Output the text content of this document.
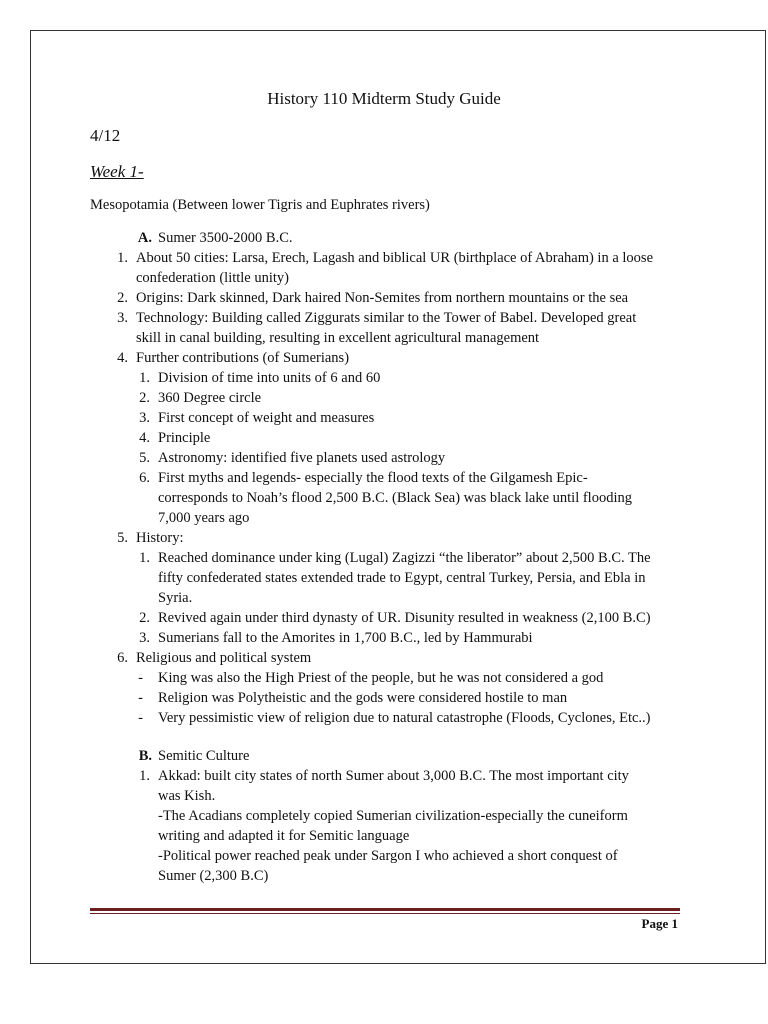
History 110 Midterm Study Guide
4/12
Week 1-
Mesopotamia (Between lower Tigris and Euphrates rivers)
A. Sumer 3500-2000 B.C.
1. About 50 cities: Larsa, Erech, Lagash and biblical UR (birthplace of Abraham) in a loose
confederation (little unity)
2. Origins: Dark skinned, Dark haired Non-Semites from northern mountains or the sea
3. Technology: Building called Ziggurats similar to the Tower of Babel. Developed great
skill in canal building, resulting in excellent agricultural management
4. Further contributions (of Sumerians)
1. Division of time into units of 6 and 60
2. 360 Degree circle
3. First concept of weight and measures
4. Principle
5. Astronomy: identified five planets used astrology
6. First myths and legends- especially the flood texts of the Gilgamesh Epic-
corresponds to Noah’s flood 2,500 B.C. (Black Sea) was black lake until flooding
7,000 years ago
5. History:
1. Reached dominance under king (Lugal) Zagizzi “the liberator” about 2,500 B.C. The
fifty confederated states extended trade to Egypt, central Turkey, Persia, and Ebla in
Syria.
2. Revived again under third dynasty of UR. Disunity resulted in weakness (2,100 B.C)
3. Sumerians fall to the Amorites in 1,700 B.C., led by Hammurabi
6. Religious and political system
- King was also the High Priest of the people, but he was not considered a god
- Religion was Polytheistic and the gods were considered hostile to man
- Very pessimistic view of religion due to natural catastrophe (Floods, Cyclones, Etc..)
B. Semitic Culture
1. Akkad: built city states of north Sumer about 3,000 B.C. The most important city
was Kish.
-The Acadians completely copied Sumerian civilization-especially the cuneiform
writing and adapted it for Semitic language
-Political power reached peak under Sargon I who achieved a short conquest of
Sumer (2,300 B.C)
Page 1
